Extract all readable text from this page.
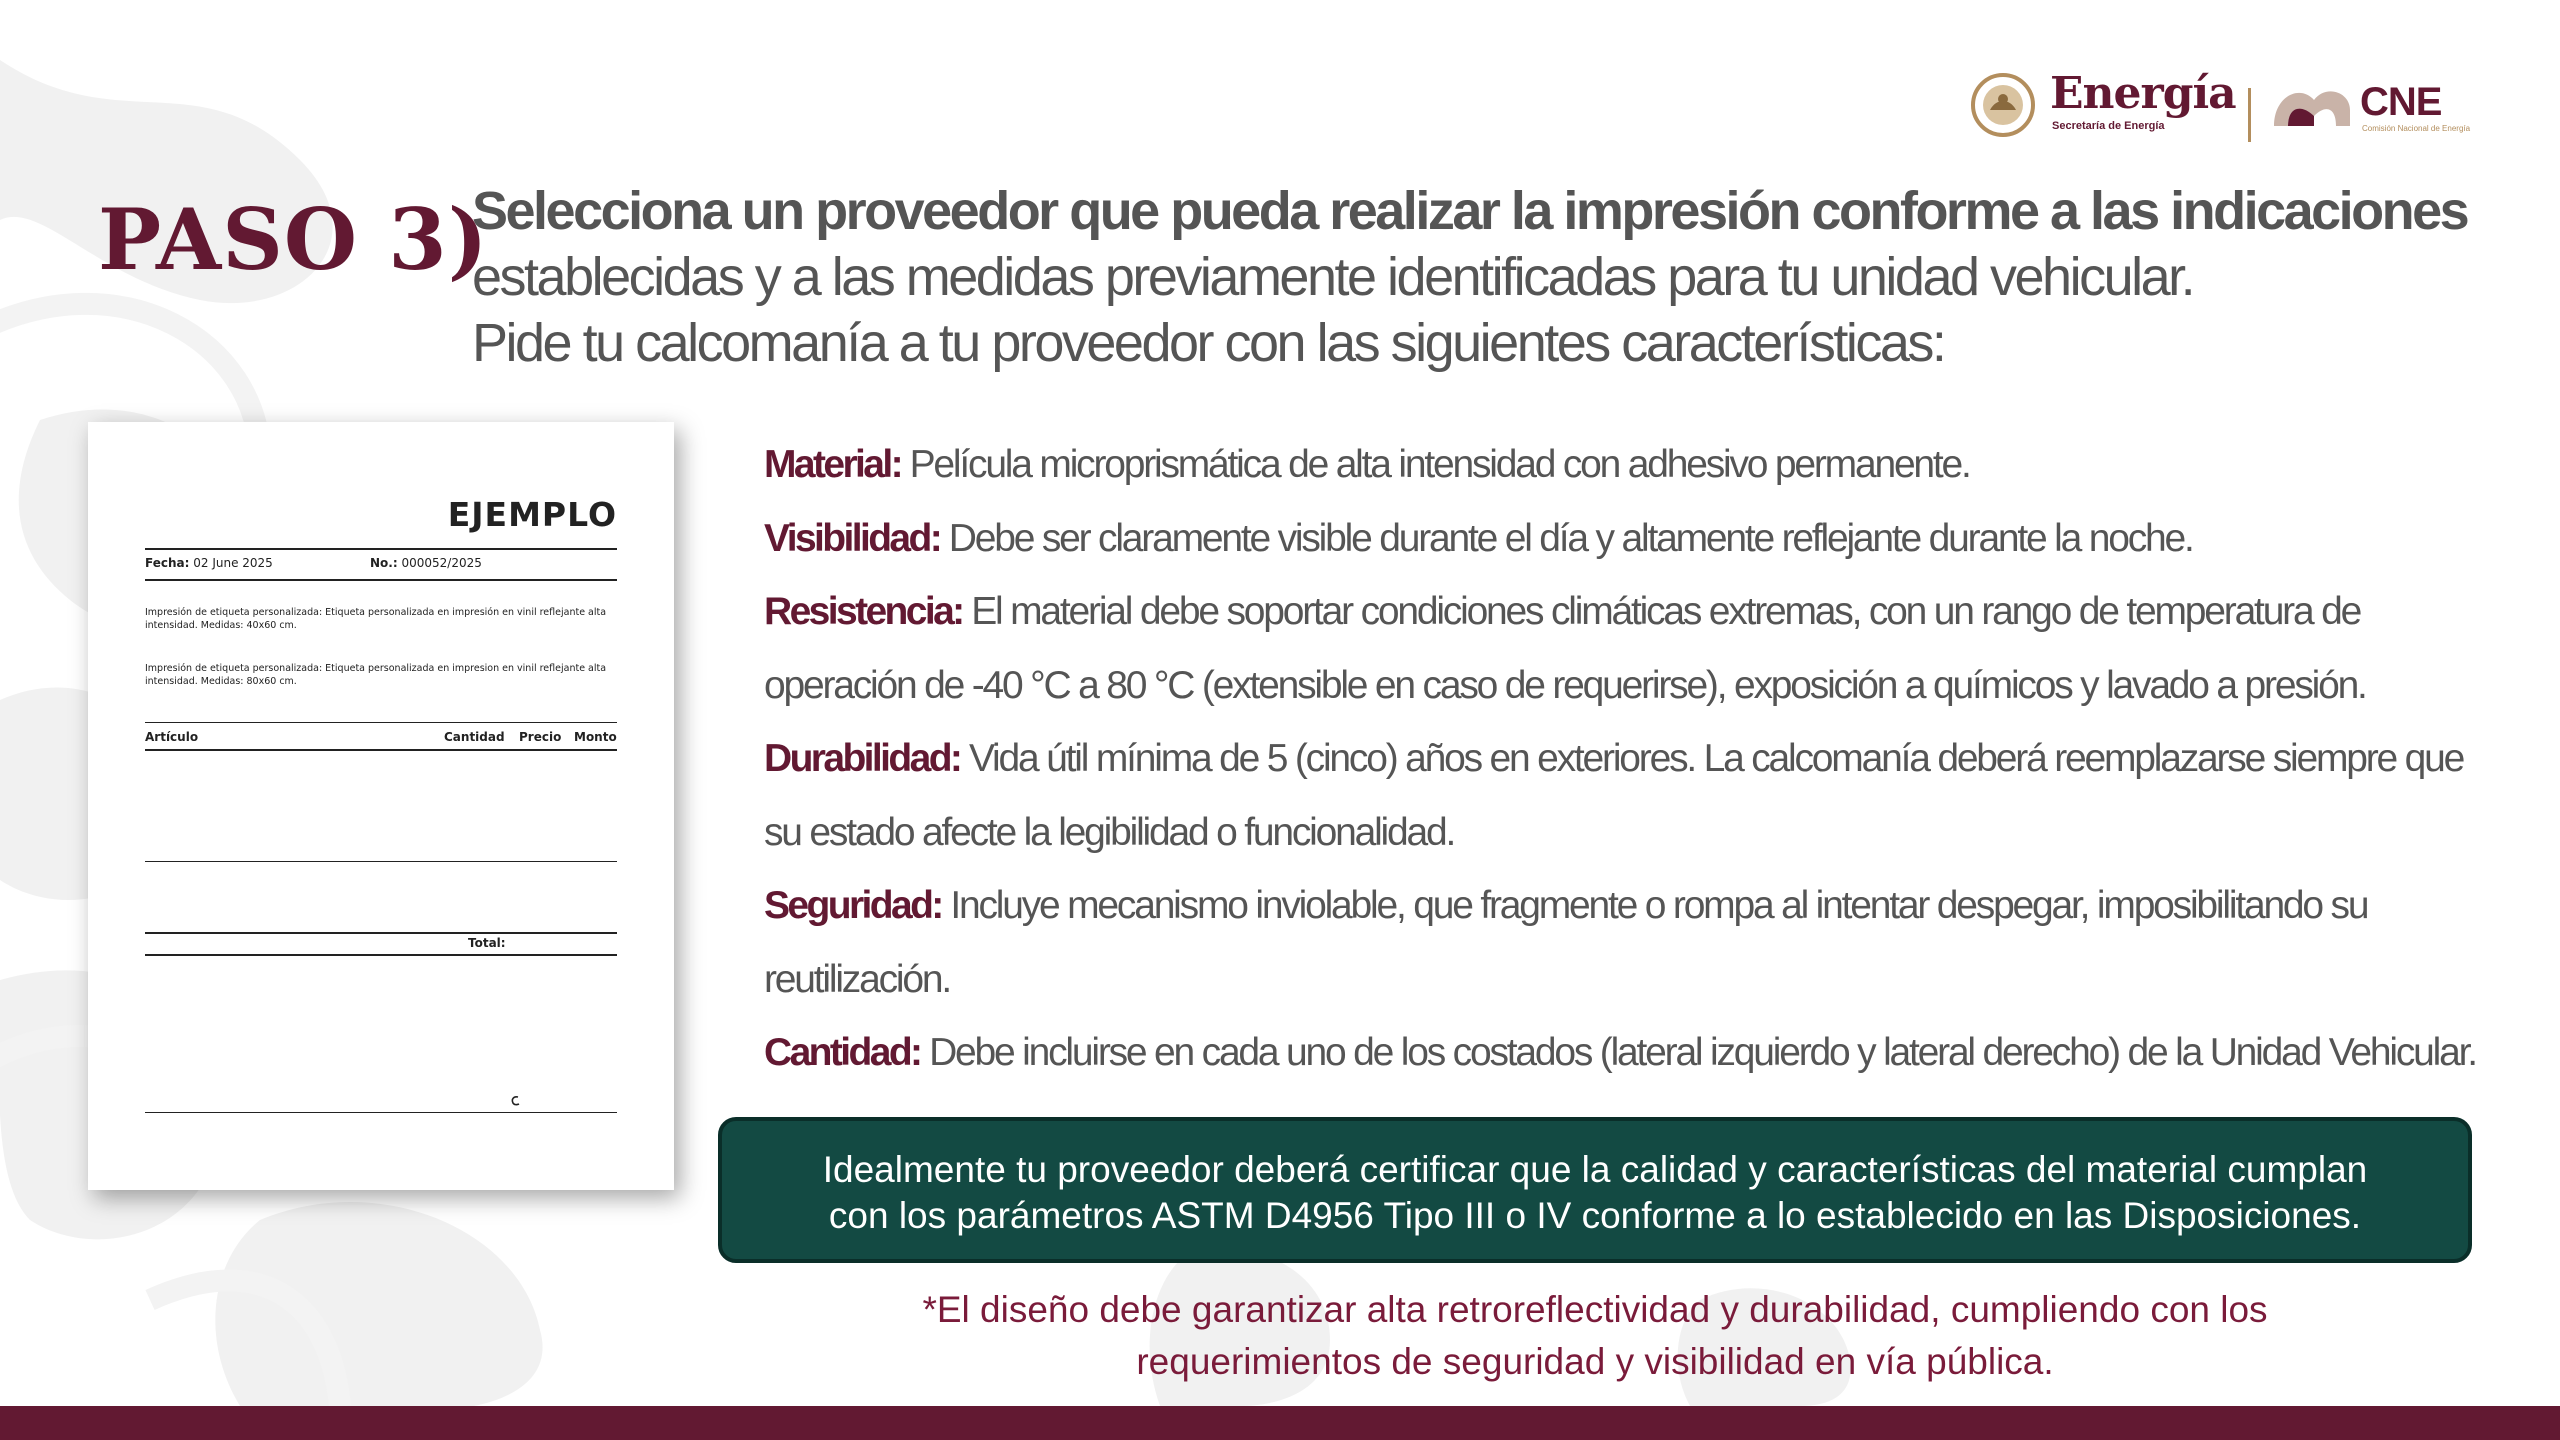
Energía
Secretaría de Energía
CNE
Comisión Nacional de Energía
PASO 3)
Selecciona un proveedor que pueda realizar la impresión conforme a las indicaciones
establecidas y a las medidas previamente identificadas para tu unidad vehicular.
Pide tu calcomanía a tu proveedor con las siguientes características:
EJEMPLO
Fecha: 02 June 2025	No.: 000052/2025
Impresión de etiqueta personalizada: Etiqueta personalizada en impresión en vinil reflejante alta
intensidad. Medidas: 40x60 cm.
Impresión de etiqueta personalizada: Etiqueta personalizada en impresion en vinil reflejante alta
intensidad. Medidas: 80x60 cm.
Artículo	Cantidad Precio Monto
Total:
Material: Película microprismática de alta intensidad con adhesivo permanente.
Visibilidad: Debe ser claramente visible durante el día y altamente reflejante durante la noche.
Resistencia: El material debe soportar condiciones climáticas extremas, con un rango de temperatura de
operación de -40 °C a 80 °C (extensible en caso de requerirse), exposición a químicos y lavado a presión.
Durabilidad: Vida útil mínima de 5 (cinco) años en exteriores. La calcomanía deberá reemplazarse siempre que
su estado afecte la legibilidad o funcionalidad.
Seguridad: Incluye mecanismo inviolable, que fragmente o rompa al intentar despegar, imposibilitando su
reutilización.
Cantidad: Debe incluirse en cada uno de los costados (lateral izquierdo y lateral derecho) de la Unidad Vehicular.
Idealmente tu proveedor deberá certificar que la calidad y características del material cumplan
con los parámetros ASTM D4956 Tipo III o IV conforme a lo establecido en las Disposiciones.
*El diseño debe garantizar alta retroreflectividad y durabilidad, cumpliendo con los
requerimientos de seguridad y visibilidad en vía pública.
